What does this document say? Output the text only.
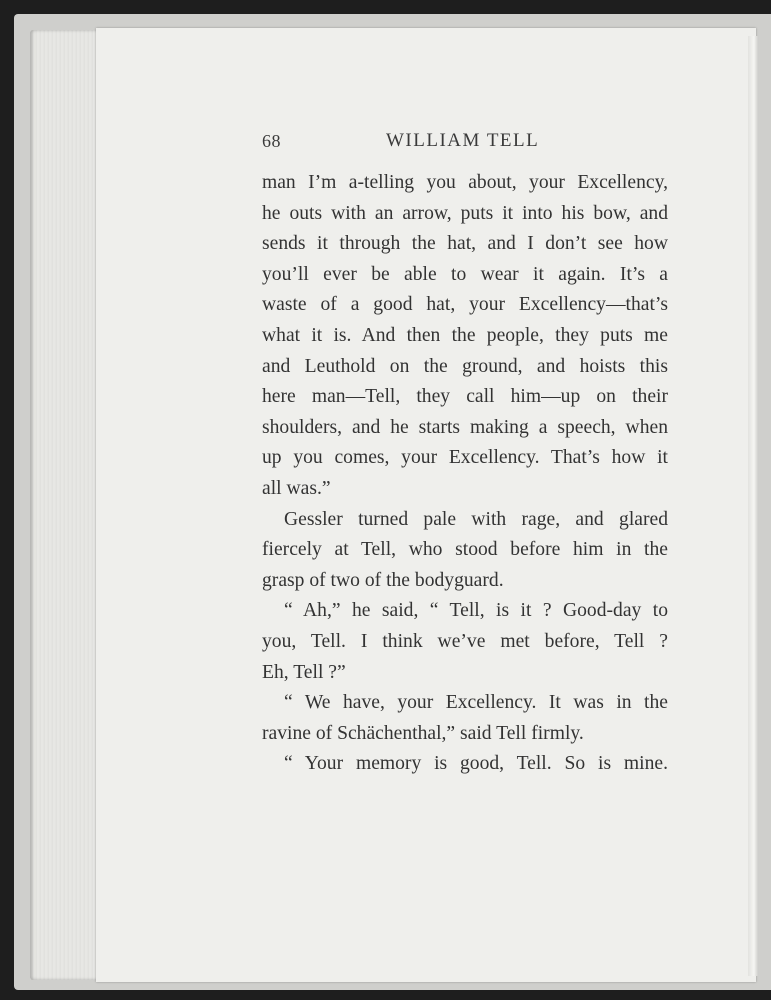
68	WILLIAM TELL
man I’m a-telling you about, your Excellency,
he outs with an arrow, puts it into his bow, and
sends it through the hat, and I don’t see how
you’ll ever be able to wear it again. It’s a
waste of a good hat, your Excellency—that’s
what it is. And then the people, they puts me
and Leuthold on the ground, and hoists this
here man—Tell, they call him—up on their
shoulders, and he starts making a speech, when
up you comes, your Excellency. That’s how it
all was.”
Gessler turned pale with rage, and glared
fiercely at Tell, who stood before him in the
grasp of two of the bodyguard.
“ Ah,” he said, “ Tell, is it ? Good-day to
you, Tell. I think we’ve met before, Tell ?
Eh, Tell ?”
“ We have, your Excellency. It was in the
ravine of Schächenthal,” said Tell firmly.
“ Your memory is good, Tell. So is mine.
